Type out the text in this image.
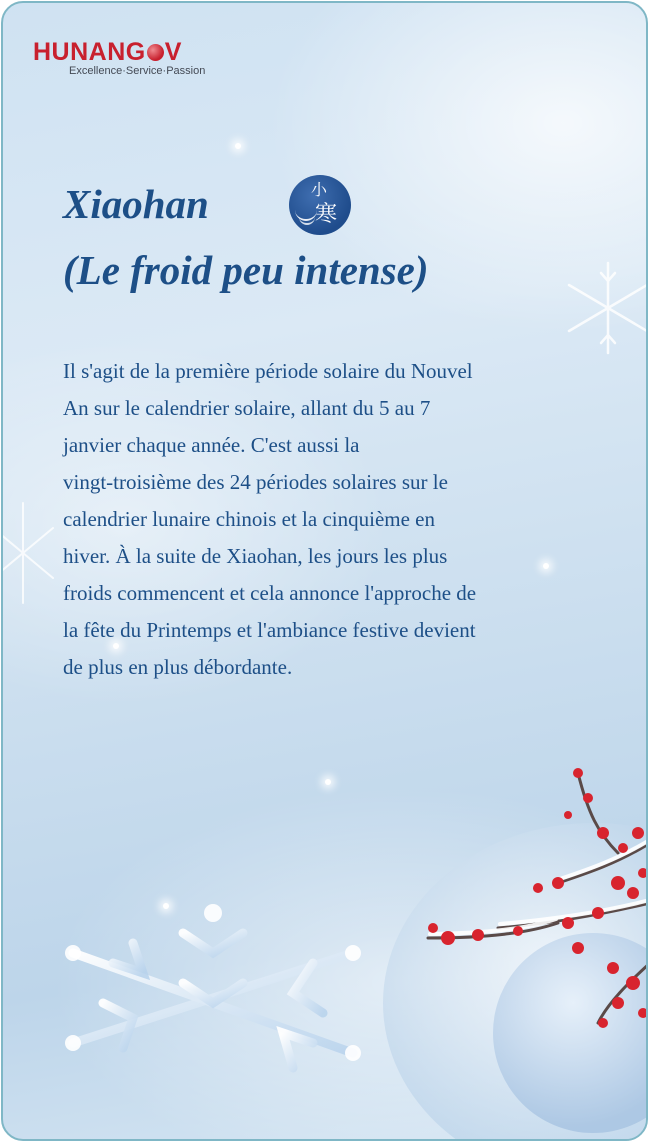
HUNANG V
Excellence·Service·Passion
Xiaohan
(Le froid peu intense)
小
寒

Il s'agit de la première période solaire du Nouvel
An sur le calendrier solaire, allant du 5 au 7
janvier chaque année. C'est aussi la
vingt-troisième des 24 périodes solaires sur le
calendrier lunaire chinois et la cinquième en
hiver. À la suite de Xiaohan, les jours les plus
froids commencent et cela annonce l'approche de
la fête du Printemps et l'ambiance festive devient
de plus en plus débordante.
